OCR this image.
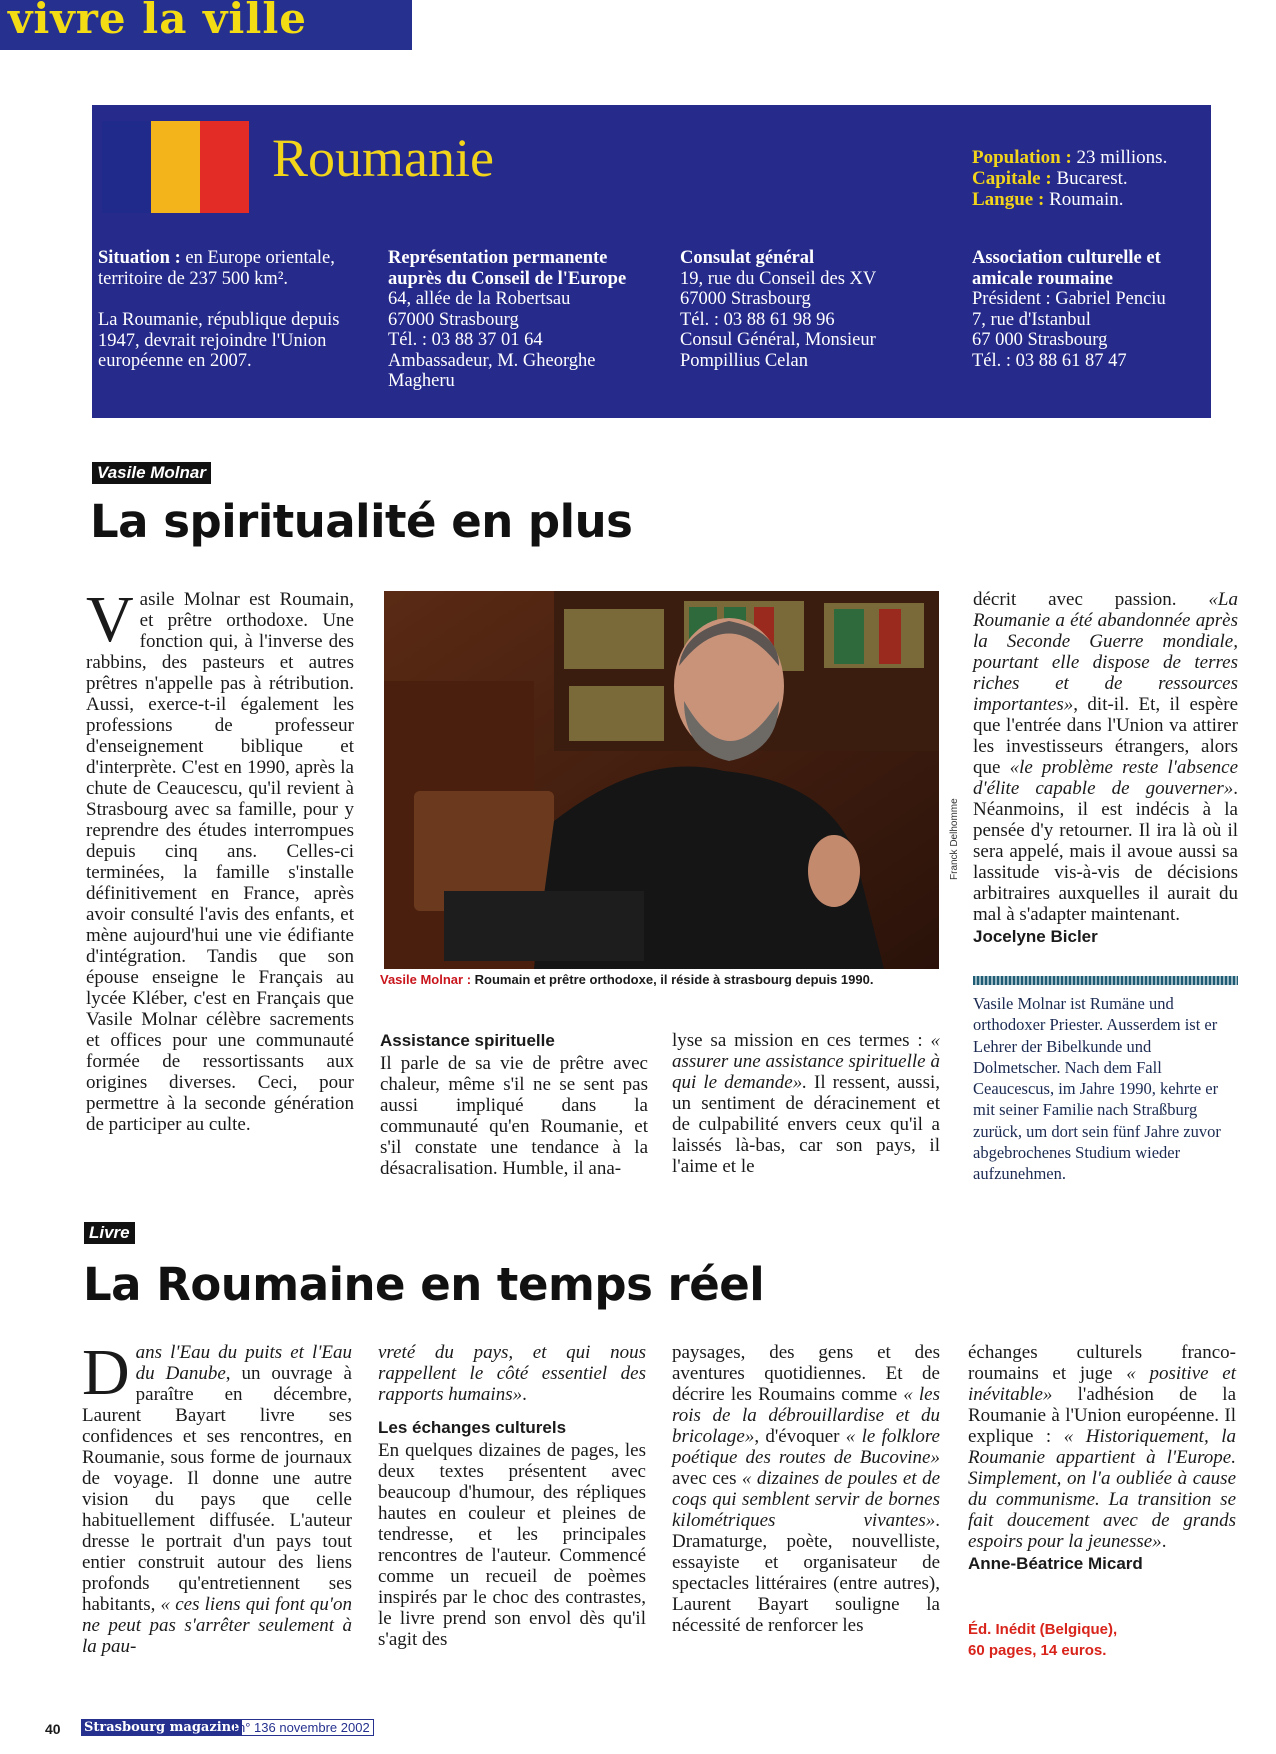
vivre la ville
Roumanie	Population : 23 millions.
Capitale : Bucarest.
Langue : Roumain.
Situation : en Europe orientale, territoire de 237 500 km².
La Roumanie, république depuis 1947, devrait rejoindre l'Union européenne en 2007.
Représentation permanente auprès du Conseil de l'Europe
64, allée de la Robertsau
67000 Strasbourg
Tél. : 03 88 37 01 64
Ambassadeur, M. Gheorghe Magheru
Consulat général
19, rue du Conseil des XV
67000 Strasbourg
Tél. : 03 88 61 98 96
Consul Général, Monsieur Pompillius Celan
Association culturelle et amicale roumaine
Président : Gabriel Penciu
7, rue d'Istanbul
67 000 Strasbourg
Tél. : 03 88 61 87 47
Vasile Molnar
La spiritualité en plus
V asile Molnar est Roumain, et prêtre orthodoxe. Une fonction qui, à l'inverse des rabbins, des pasteurs et autres prêtres n'appelle pas à rétribution. Aussi, exerce-t-il également les professions de professeur d'enseignement biblique et d'interprète. C'est en 1990, après la chute de Ceaucescu, qu'il revient à Strasbourg avec sa famille, pour y reprendre des études interrompues depuis cinq ans. Celles-ci terminées, la famille s'installe définitivement en France, après avoir consulté l'avis des enfants, et mène aujourd'hui une vie édifiante d'intégration. Tandis que son épouse enseigne le Français au lycée Kléber, c'est en Français que Vasile Molnar célèbre sacrements et offices pour une communauté formée de ressortissants aux origines diverses. Ceci, pour permettre à la seconde génération de participer au culte.
Franck Delhomme
Vasile Molnar : Roumain et prêtre orthodoxe, il réside à strasbourg depuis 1990.
Assistance spirituelle
Il parle de sa vie de prêtre avec chaleur, même s'il ne se sent pas aussi impliqué dans la communauté qu'en Roumanie, et s'il constate une tendance à la désacralisation. Humble, il ana-
lyse sa mission en ces termes : « assurer une assistance spirituelle à qui le demande». Il ressent, aussi, un sentiment de déracinement et de culpabilité envers ceux qu'il a laissés là-bas, car son pays, il l'aime et le
décrit avec passion. «La Roumanie a été abandonnée après la Seconde Guerre mondiale, pourtant elle dispose de terres riches et de ressources importantes», dit-il. Et, il espère que l'entrée dans l'Union va attirer les investisseurs étrangers, alors que «le problème reste l'absence d'élite capable de gouverner». Néanmoins, il est indécis à la pensée d'y retourner. Il ira là où il sera appelé, mais il avoue aussi sa lassitude vis-à-vis de décisions arbitraires auxquelles il aurait du mal à s'adapter maintenant.
Jocelyne Bicler
Vasile Molnar ist Rumäne und orthodoxer Priester. Ausserdem ist er Lehrer der Bibelkunde und Dolmetscher. Nach dem Fall Ceaucescus, im Jahre 1990, kehrte er mit seiner Familie nach Straßburg zurück, um dort sein fünf Jahre zuvor abgebrochenes Studium wieder aufzunehmen.
Livre
La Roumaine en temps réel
D ans l'Eau du puits et l'Eau du Danube, un ouvrage à paraître en décembre, Laurent Bayart livre ses confidences et ses rencontres, en Roumanie, sous forme de journaux de voyage. Il donne une autre vision du pays que celle habituellement diffusée. L'auteur dresse le portrait d'un pays tout entier construit autour des liens profonds qu'entretiennent ses habitants, « ces liens qui font qu'on ne peut pas s'arrêter seulement à la pau-
vreté du pays, et qui nous rappellent le côté essentiel des rapports humains».
Les échanges culturels
En quelques dizaines de pages, les deux textes présentent avec beaucoup d'humour, des répliques hautes en couleur et pleines de tendresse, et les principales rencontres de l'auteur. Commencé comme un recueil de poèmes inspirés par le choc des contrastes, le livre prend son envol dès qu'il s'agit des
paysages, des gens et des aventures quotidiennes. Et de décrire les Roumains comme « les rois de la débrouillardise et du bricolage», d'évoquer « le folklore poétique des routes de Bucovine» avec ces « dizaines de poules et de coqs qui semblent servir de bornes kilométriques vivantes». Dramaturge, poète, nouvelliste, essayiste et organisateur de spectacles littéraires (entre autres), Laurent Bayart souligne la nécessité de renforcer les
échanges culturels franco-roumains et juge « positive et inévitable» l'adhésion de la Roumanie à l'Union européenne. Il explique : « Historiquement, la Roumanie appartient à l'Europe. Simplement, on l'a oubliée à cause du communisme. La transition se fait doucement avec de grands espoirs pour la jeunesse».
Anne-Béatrice Micard
Éd. Inédit (Belgique),
60 pages, 14 euros.
40 Strasbourg magazine
n° 136 novembre 2002
